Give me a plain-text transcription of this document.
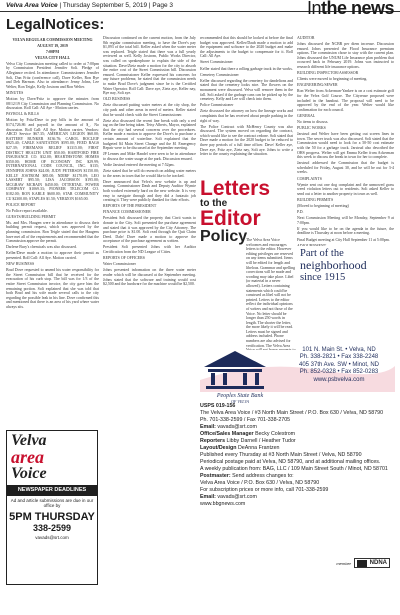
Velva Area Voice | Thursday September 5, 2019 | Page 3	Inthe news
LegalNotices:

VELVA REGULAR COMMISSION MEETING

AUGUST 19, 2019

7:00PM

VELVA CITY HALL

Velva City Commission meeting called to order at 7:00pm by Commission President Jennifer Soli. Pledge of Allegiance recited. In attendance: Commissioners Jennifer Soli, Dan Fritz (conference call), Dave Keller, Ron Bye and Deb Harmon. Also in attendance: Jenny Johns, Lee Welter, Ron Teigle, Kelly Jostrom and Ron Welter.

MINUTES

Motion by Dave/Fritz to approve the minutes from 08/12/19 City Commission and Planning Commission. No discussion. Roll Call: All Aye - Motion carries.

PAYROLL & BILLS

Motion by Fritz/Dave to pay bills in the amount of $174,726.86 and payroll in the amount of $_. No discussion. Roll Call: All Aye. Motion carries. Vendors: ABCD Service $67.35; AMERICAN LEGION $60.00; BATTERY BUNKER $136.76; CAROL BOCLEIF $925.40; CABLE SANITATION $595.00; FEED BAGS $27.39; FIREMANS RELIEF $1315.00; FIRST DISTRICT HEALTH UNIT $50.00; HARTFORD FIRE INSURANCE CO. $32.00; HEARTHSTONE HOMES $350.00; HOME OF ECONOMY INC $29.99; INTERNATIONAL CODE COUNCIL, INC. $135; JENNIFER JOHNS $24.00; JUDY PETERSON $1150.00; KELLY JOSTROM $85.00; NDIRF $1170.09; LEO LASSERT $95.50; LISA JACOBSON $195.00; MCGRAW MCBAIN $450.00; OTTERTAIL POWER COMPANY $1069.33; PIONEER TELECOM CO. $182.00; RON KABLE $600.00; STAR COMMUNITY CU $2300.00; STAPLES $1.50; VERIZON $165.00.

POLICE REPORT

No Police report available.

GUESTS/BUILDING PERMIT

Ms. and Mrs. Haugen were in attendance to discuss their building permit request, which was approved by the planning commission. Ron Teigle stated that the Haugens have met all of the requirements and recommended that the Commission approve the permit.

Darlene Bury's chemicals was also discussed.

Keller/Dave made a motion to approve their permit as presented. Roll Call: All Aye. Motion carried.

NEW BUSINESS

Brad Dove requested to amend his water responsibility for the Street Commission bill that he received for the evacuation of his curb stop. The bill was for 1/3 of the entire Street Commission invoice, the city gave him the remaining portion. Soli explained that she was told that both Brad and his wife made several calls to the city regarding the possible leak in his line. Dove confirmed this and mentioned that there is an area of his yard where water always sits.

Discussion continued on the current motion, from the July 8th regular commission meeting, to have the Dove's pay $1,093 of the total bill. Keller asked when the water meter was replaced. Teigle stated that there was a full yearly reviewed as well. Kelly Jostrom, Public Works Director, was called on speakerphone to explain the side of the situation. Dave/Zietz made a motion for the city to absorb the entire cost of the Street Commission bill. Discussion ensued. Commissioner Keller expressed his concerns for any future problems; he stated that the commission needs to make Brad Dove's judgment since he is the Certified Water Operator. Roll Call: Dave aye, Zietz aye, Keller nay, Bye nay, Soli aye.

OLD BUSINESS

Zietz discussed putting water meters at the city shop, the city park and other areas in need of meters. Keller stated that he would check with the Street Commissioner.

Zietz also discussed the recent line break with only a red tag on the line being taken. Teisy Alberts, Mayor, explained that the city had several concerns over the procedures. Keller made a motion to approve the Dove's to purchase a certain amount of waterline. Soli explained that the budgeted $4 Main Street Change and the $1 Emergency Repair were to be discussed at the September meeting.

JP Lennes and Mike Handel were seen to be in attendance to discuss the water usage at the park. Discussion ensued.

Vodie Jarstrud entered the meeting at 7:52pm.

Zietz stated that he will do research on adding water meters to the areas in town that he would like to be tracked.

Dave announced that Velva's new website is up and running. Commissioner Daub and Deputy Auditor Wymie both worked extremely hard on the new website. It is very easy to navigate through and they did a fantastic job creating it. They were publicly thanked for their efforts.

REPORTS OF THE PRESIDENT

FINANCE COMMISSIONER

President Soli discussed the property that Cirrii wants to donate to the City. Soli presented the purchase agreement and stated that it was approved by the City Attorney. The purchase price is $1.00. Soli read through the Quit Claim Deed. Dale/ Dave made a motion to approve the acceptance of the purchase agreement as written.

President Soli presented Johns with her Auditor Certification from the ND League of Cities.

REPORTS OF OFFICERS

Water Commissioner

Johns presented information on the three water meter reader which will be discussed at the September meeting. Johns stated that the software and training would cost $2,500 and the hardware for the machine would be $2,500.

recommended that this should be looked at before the final budget was approved. Keller/Daub made a motion to add the equipment and software to the 2020 budget and make the adjustments to the budget to compensate for it. Roll Call: All Aye.

Street Commissioner

Keller stated that there a rolling garbage truck in the works.

Cemetery Commissioner

Keller discussed regarding the cemetery for dandelions and stated that the cemetery looks nice. The flowers on the monument were discussed. Velva will remove them in the fall. Soli asked if the garbage cans can be picked up by the cemetery. Kelly and Lee will check into them.

Police Commissioner

Zietz discussed the attorney on how the lineage works and complaints that he has received about people parking in the right of way.

The Police Contract with McHenry County was also discussed. The system moved on regarding the contract, which would like to see the contract redone. Soli stated that Dave made a motion for the 2020 budget to be reduced to three pay periods of a full time officer. Dave/ Keller aye, Dave aye, Fritz aye, Zietz nay, Soli aye. Johns to write a letter to the county explaining the situation.

AUDITOR

Johns discussed the NCBR per diem increase. Discussion ensued. Johns presented the Flood Insurance premium options. The commission chose to stay with the current plan. Johns discussed the UNUM Life Insurance plan problem that occurred back in February 2019. Johns was instructed to research different life insurance options.

BUILDING INSPECTOR/ASSESSOR

Clients were moved to beginning of meeting.

ENGINEERING/SEWER

Ron Welter from Ackerman-Yankee is on a cost estimate golf for the Velva Golf Course. The Cityrease proposed were included in the handout. The proposal will need to be approved by the end of the year. Welter would like confirmation for each council.

GENERAL

No items to discuss.

PUBLIC WORKS

Jarstrud and Welter have been getting out screen lines in town. The sewer truck was also discussed. Soli stated that the Commission would need to look for a 50-50 cost estimate with the 50 for a garbage truck. Jarstrud also described the OHS progress. Welter will get Emma Keller from Ackerman this week to discuss the break in town for her to complete.

Jarstrud addressed the Commission that the budget is scheduled for Friday, August 30, and he will be out for 3-4 weeks.

COMPLAINTS

Wymie sent out one dog complaint and the unmowed grass weed violation letters out to residents. Soli asked Keller to send out a letter to another property in town as well.

BUILDING PERMITS

(Moved to beginning of meeting)

P.D.

Next Commission Meeting will be Monday, September 9 at 7:00pm.

If you would like to be on the agenda in the future, the deadline is Thursday at noon before a meeting.

Final Budget meeting at City Hall September 11 at 5:00pm.

ADJOURNMENT

Letters
to the
Editor
Policy
The Velva Area Voice welcomes and encourages letters to the editor. However editing privileges are reserved on any items submitted. Items will be edited for length and libelous. Grammar and spelling corrections will be made and wording may take place. Libel (or material in a never allowed). Letters containing statements which could be construed as libel will not be printed. Letters to the editor reflect the individual opinions of writers and not those of the Voice. No letter should be longer than 250 words in length. The shorter the letter, the more likely it will be read. Letters must be signed and address included. Phone numbers are also advised for verification. The Velva Area
Part of the
neighborhood
since 1915
Peoples State Bank
OF VELVA
101 N. Main St. • Velva, ND
Ph. 338-2821 • Fax 338-2248
405 37th Ave. SW • Minot, ND
Ph. 852-0328 • Fax 852-0283
www.psbvelva.com
Velva
area
Voice
NEWSPAPER DEADLINES
Ad and article submissions are due in our office by
5PM THURSDAY
338-2599
vavads@srt.com
USPS 019-156
The Velva Area Voice / #3 North Main Street / P.O. Box 630 / Velva, ND 58790
Ph. 701-338-2599 / Fax 701-338-2705
Email: vavads@srt.com
Office/Sales Manager Becky Colestrom
Reporters Libby Darnell / Heather Tudor
Layout/Design DeAnna Frantzen
Published every Thursday at #3 North Main Street / Velva, ND 58790
Periodical postage paid at Velva, ND 58790, and at additional mailing offices.
A weekly publication from: BAG, LLC / 109 Main Street South / Minot, ND 58701
Postmaster: Send address changes to:
Velva Area Voice / P.O. Box 630 / Velva, ND 58790
For subscription prices or more info, call 701-338-2599
Email: vavads@srt.com
www.bbgnews.com
member	NDNA
